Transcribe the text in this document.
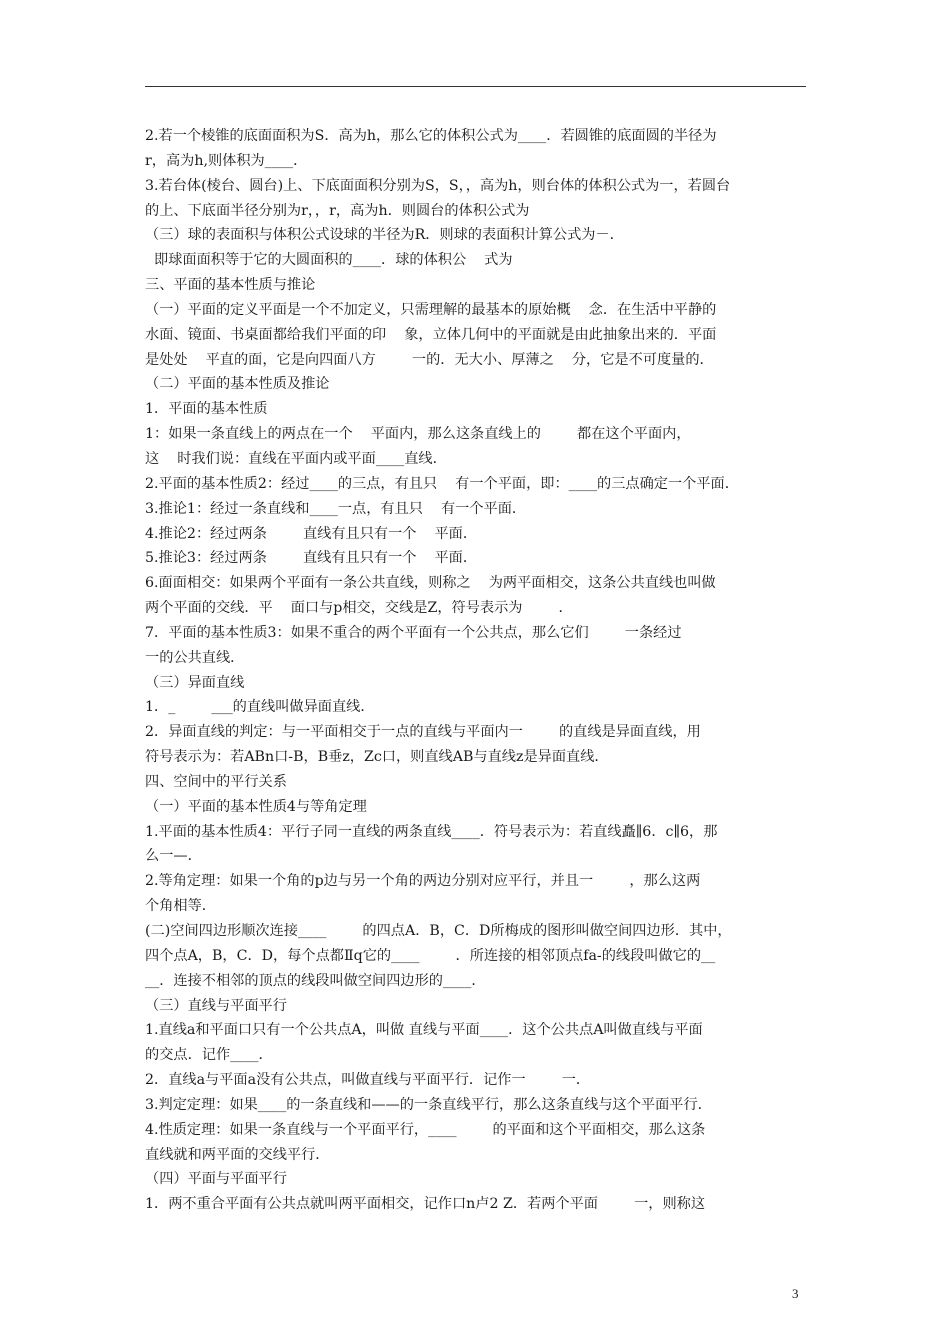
2.若一个棱锥的底面面积为S．高为h，那么它的体积公式为____．若圆锥的底面圆的半径为
r，高为h,则体积为____．
3.若台体(棱台、圆台)上、下底面面积分别为S，S，，高为h，则台体的体积公式为一，若圆台
的上、下底面半径分别为r，，r，高为h．则圆台的体积公式为
（三）球的表面积与体积公式设球的半径为R．则球的表面积计算公式为－．
即球面面积等于它的大圆面积的____．球的体积公    式为
三、平面的基本性质与推论
（一）平面的定义平面是一个不加定义，只需理解的最基本的原始概    念．在生活中平静的
水面、镜面、书桌面都给我们平面的印    象，立体几何中的平面就是由此抽象出来的．平面
是处处    平直的面，它是向四面八方        一的．无大小、厚薄之    分，它是不可度量的．
（二）平面的基本性质及推论
1．平面的基本性质
1：如果一条直线上的两点在一个    平面内，那么这条直线上的        都在这个平面内，
这    时我们说：直线在平面内或平面____直线．
2.平面的基本性质2：经过____的三点，有且只    有一个平面，即：____的三点确定一个平面．
3.推论1：经过一条直线和____一点，有且只    有一个平面．
4.推论2：经过两条        直线有且只有一个    平面．
5.推论3：经过两条        直线有且只有一个    平面．
6.面面相交：如果两个平面有一条公共直线，则称之    为两平面相交，这条公共直线也叫做
两个平面的交线．平    面口与p相交，交线是Z，符号表示为        ．
7．平面的基本性质3：如果不重合的两个平面有一个公共点，那么它们        一条经过
一的公共直线．
（三）异面直线
1．_        ___的直线叫做异面直线．
2．异面直线的判定：与一平面相交于一点的直线与平面内一        的直线是异面直线，用
符号表示为：若ABn口-B，B垂z，Zc口，则直线AB与直线z是异面直线．
四、空间中的平行关系
（一）平面的基本性质4与等角定理
1.平面的基本性质4：平行子同一直线的两条直线____．符号表示为：若直线矗∥6．c∥6，那
么一—．
2.等角定理：如果一个角的p边与另一个角的两边分别对应平行，并且一        ，那么这两
个角相等．
(二)空间四边形顺次连接____        的四点A．B，C．D所梅成的图形叫做空间四边形．其中，
四个点A，B，C．D，每个点都Ⅱq它的____        ．所连接的相邻顶点fa-的线段叫做它的__
__．连接不相邻的顶点的线段叫做空间四边形的____．
（三）直线与平面平行
1.直线a和平面口只有一个公共点A，叫做 直线与平面____．这个公共点A叫做直线与平面
的交点．记作____．
2．直线a与平面a没有公共点，叫做直线与平面平行．记作一        一．
3.判定定理：如果____的一条直线和——的一条直线平行，那么这条直线与这个平面平行．
4.性质定理：如果一条直线与一个平面平行，____        的平面和这个平面相交，那么这条
直线就和两平面的交线平行．
（四）平面与平面平行
1．两不重合平面有公共点就叫两平面相交，记作口n卢2 Z．若两个平面        一，则称这
3
